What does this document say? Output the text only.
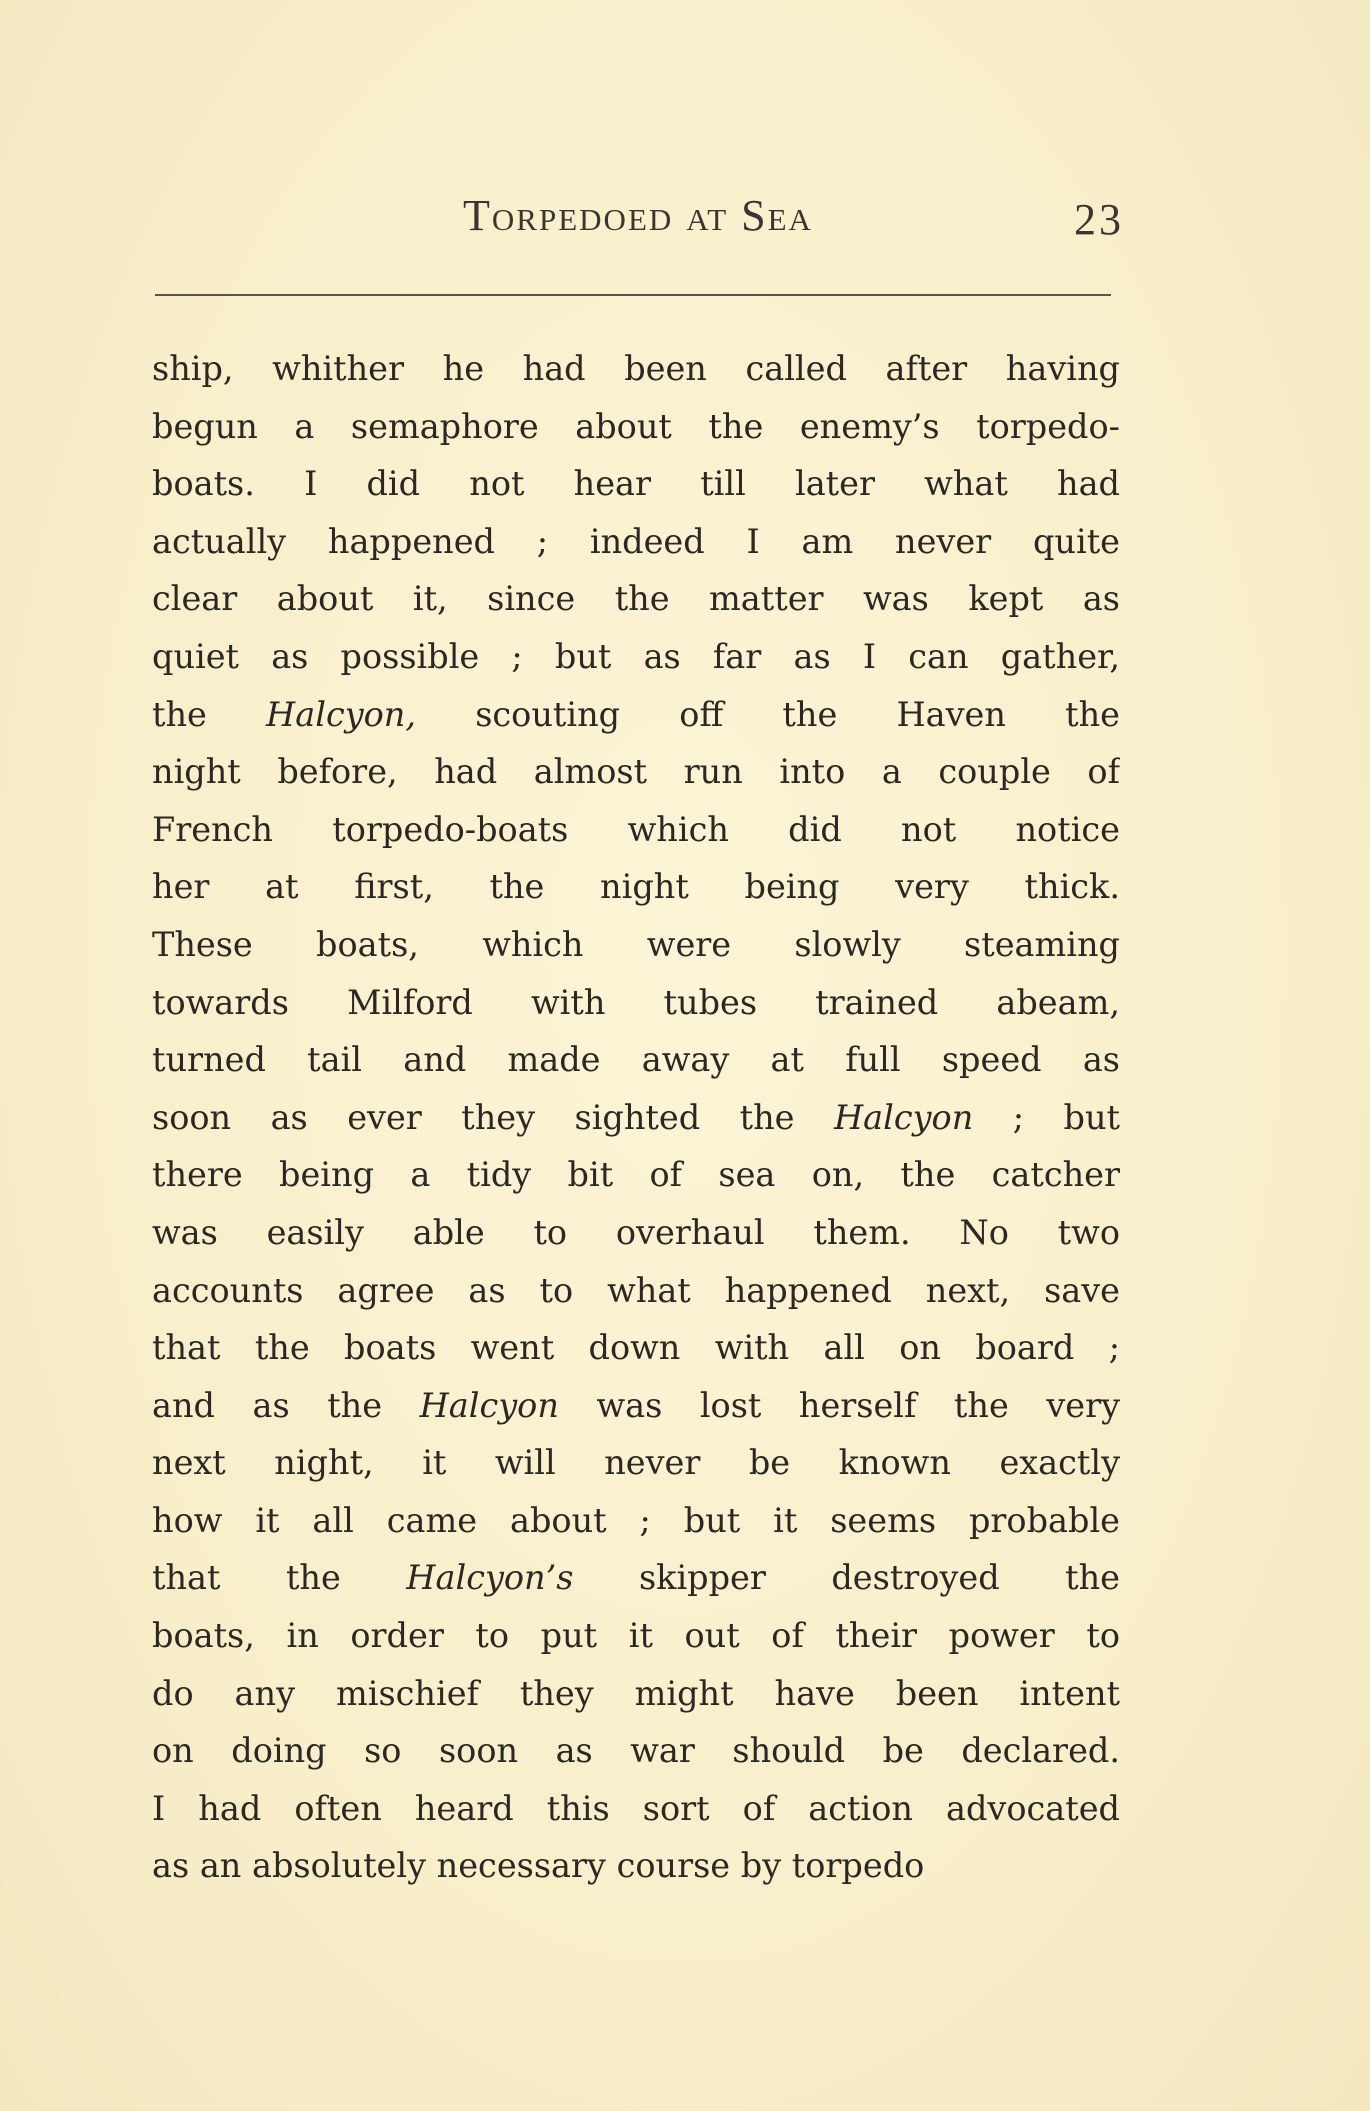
Torpedoed at Sea	23
ship, whither he had been called after having
begun a semaphore about the enemy’s torpedo-
boats. I did not hear till later what had
actually happened ; indeed I am never quite
clear about it, since the matter was kept as
quiet as possible ; but as far as I can gather,
the Halcyon, scouting off the Haven the
night before, had almost run into a couple of
French torpedo-boats which did not notice
her at first, the night being very thick.
These boats, which were slowly steaming
towards Milford with tubes trained abeam,
turned tail and made away at full speed as
soon as ever they sighted the Halcyon ; but
there being a tidy bit of sea on, the catcher
was easily able to overhaul them. No two
accounts agree as to what happened next, save
that the boats went down with all on board ;
and as the Halcyon was lost herself the very
next night, it will never be known exactly
how it all came about ; but it seems probable
that the Halcyon’s skipper destroyed the
boats, in order to put it out of their power to
do any mischief they might have been intent
on doing so soon as war should be declared.
I had often heard this sort of action advocated
as an absolutely necessary course by torpedo
